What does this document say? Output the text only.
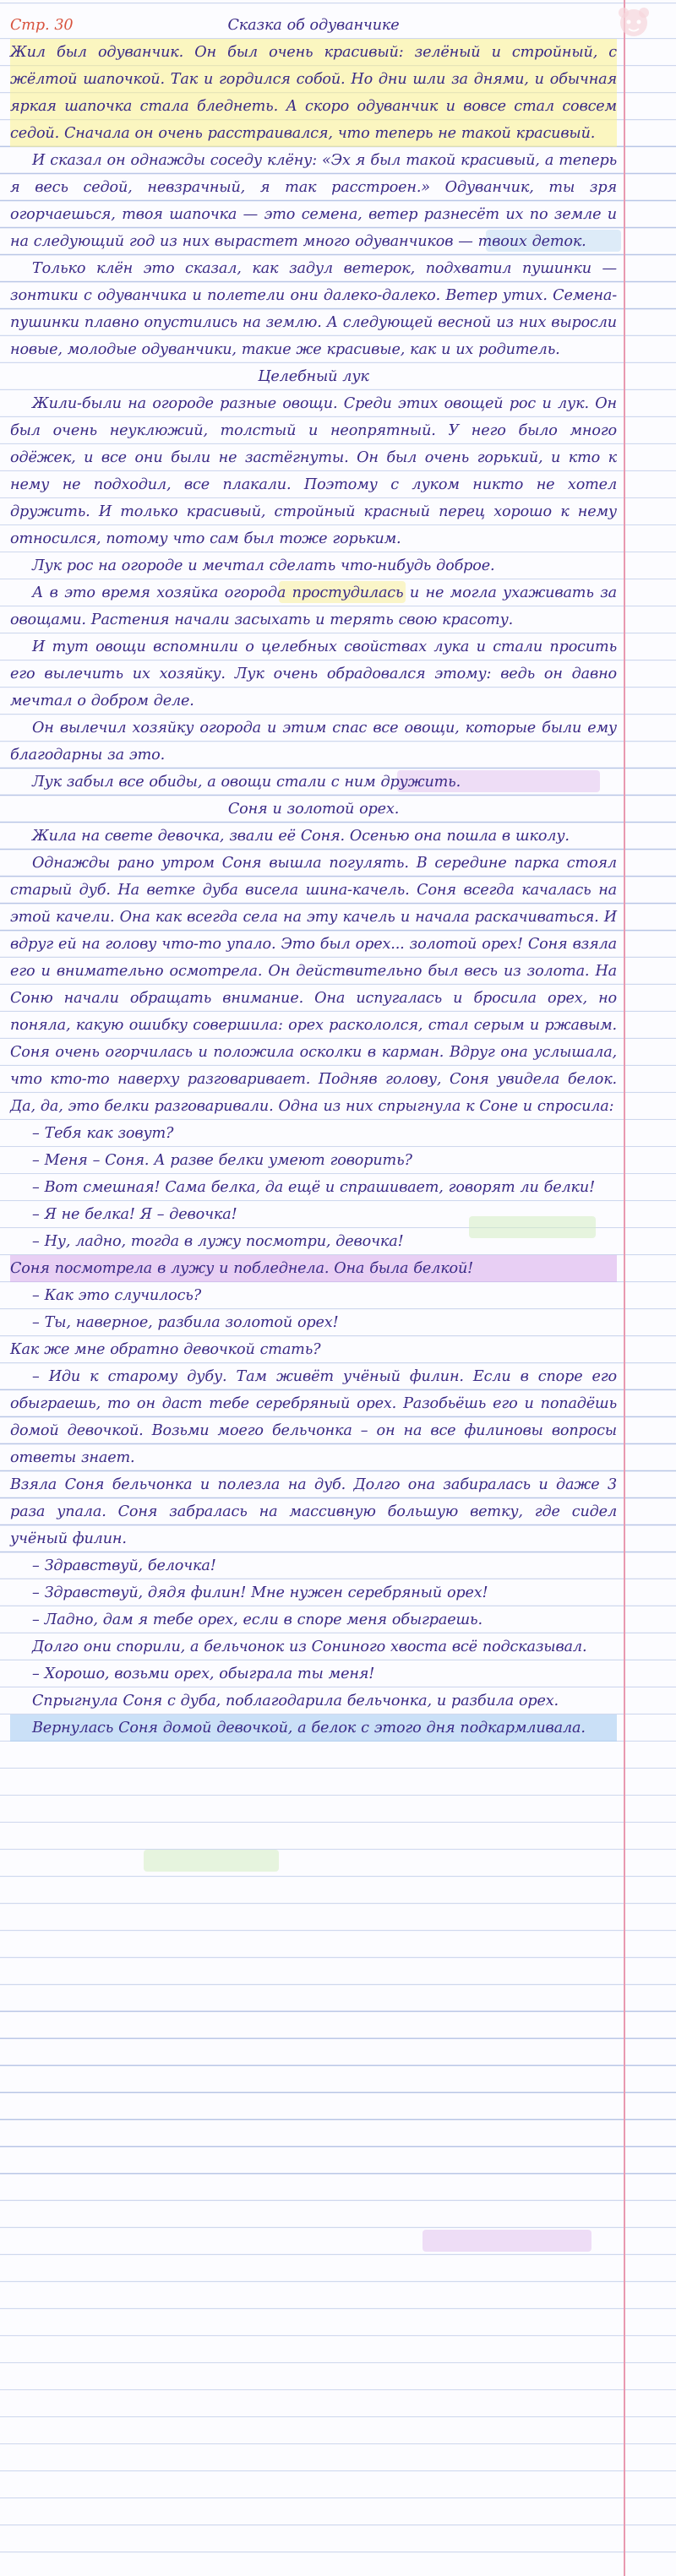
Стр. 30	Сказка об одуванчике

Жил был одуванчик. Он был очень красивый: зелёный и стройный, с жёлтой шапочкой. Так и гордился собой. Но дни шли за днями, и обычная яркая шапочка стала бледнеть. А скоро одуванчик и вовсе стал совсем седой. Сначала он очень расстраивался, что теперь не такой красивый.

И сказал он однажды соседу клёну: «Эх я был такой красивый, а теперь я весь седой, невзрачный, я так расстроен.» Одуванчик, ты зря огорчаешься, твоя шапочка — это семена, ветер разнесёт их по земле и на следующий год из них вырастет много одуванчиков — твоих деток.

Только клён это сказал, как задул ветерок, подхватил пушинки — зонтики с одуванчика и полетели они далеко-далеко. Ветер утих. Семена-пушинки плавно опустились на землю. А следующей весной из них выросли новые, молодые одуванчики, такие же красивые, как и их родитель.

Целебный лук

Жили-были на огороде разные овощи. Среди этих овощей рос и лук. Он был очень неуклюжий, толстый и неопрятный. У него было много одёжек, и все они были не застёгнуты. Он был очень горький, и кто к нему не подходил, все плакали. Поэтому с луком никто не хотел дружить. И только красивый, стройный красный перец хорошо к нему относился, потому что сам был тоже горьким.

Лук рос на огороде и мечтал сделать что-нибудь доброе.

А в это время хозяйка огорода простудилась и не могла ухаживать за овощами. Растения начали засыхать и терять свою красоту.

И тут овощи вспомнили о целебных свойствах лука и стали просить его вылечить их хозяйку. Лук очень обрадовался этому: ведь он давно мечтал о добром деле.

Он вылечил хозяйку огорода и этим спас все овощи, которые были ему благодарны за это.

Лук забыл все обиды, а овощи стали с ним дружить.

Соня и золотой орех.

Жила на свете девочка, звали её Соня. Осенью она пошла в школу.

Однажды рано утром Соня вышла погулять. В середине парка стоял старый дуб. На ветке дуба висела шина-качель. Соня всегда качалась на этой качели. Она как всегда села на эту качель и начала раскачиваться. И вдруг ей на голову что-то упало. Это был орех... золотой орех! Соня взяла его и внимательно осмотрела. Он действительно был весь из золота. На Соню начали обращать внимание. Она испугалась и бросила орех, но поняла, какую ошибку совершила: орех раскололся, стал серым и ржавым. Соня очень огорчилась и положила осколки в карман. Вдруг она услышала, что кто-то наверху разговаривает. Подняв голову, Соня увидела белок. Да, да, это белки разговаривали. Одна из них спрыгнула к Соне и спросила:

– Тебя как зовут?

– Меня – Соня. А разве белки умеют говорить?

– Вот смешная! Сама белка, да ещё и спрашивает, говорят ли белки!

– Я не белка! Я – девочка!

– Ну, ладно, тогда в лужу посмотри, девочка!

Соня посмотрела в лужу и побледнела. Она была белкой!

– Как это случилось?

– Ты, наверное, разбила золотой орех!

Как же мне обратно девочкой стать?

– Иди к старому дубу. Там живёт учёный филин. Если в споре его обыграешь, то он даст тебе серебряный орех. Разобьёшь его и попадёшь домой девочкой. Возьми моего бельчонка – он на все филиновы вопросы ответы знает.

Взяла Соня бельчонка и полезла на дуб. Долго она забиралась и даже 3 раза упала. Соня забралась на массивную большую ветку, где сидел учёный филин.

– Здравствуй, белочка!

– Здравствуй, дядя филин! Мне нужен серебряный орех!

– Ладно, дам я тебе орех, если в споре меня обыграешь.

Долго они спорили, а бельчонок из Сониного хвоста всё подсказывал.

– Хорошо, возьми орех, обыграла ты меня!

Спрыгнула Соня с дуба, поблагодарила бельчонка, и разбила орех.

Вернулась Соня домой девочкой, а белок с этого дня подкармливала.
